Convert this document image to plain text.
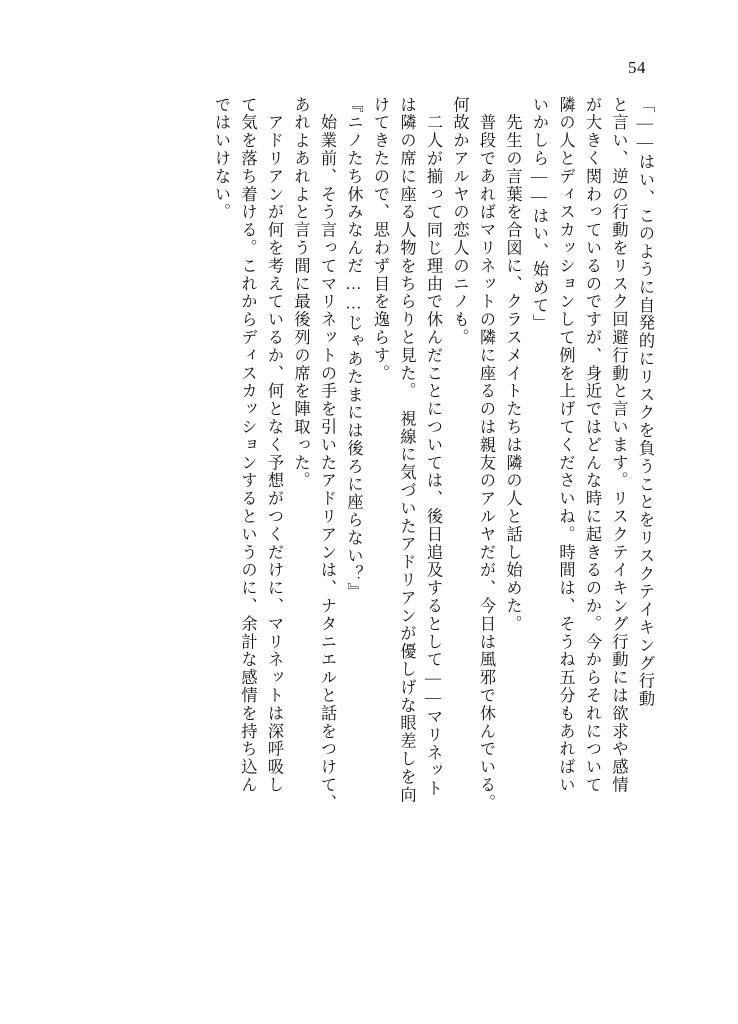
54
「――はい、このように自発的にリスクを負うことをリスクテイキング行動
と言い、逆の行動をリスク回避行動と言います。リスクテイキング行動には欲求や感情
が大きく関わっているのですが、身近ではどんな時に起きるのか。今からそれについて
隣の人とディスカッションして例を上げてくださいね。時間は、そうね五分もあればい
いかしら――はい、始めて」
　先生の言葉を合図に、クラスメイトたちは隣の人と話し始めた。
　普段であればマリネットの隣に座るのは親友のアルヤだが、今日は風邪で休んでいる。
何故かアルヤの恋人のニノも。
　二人が揃って同じ理由で休んだことについては、後日追及するとして――マリネット
は隣の席に座る人物をちらりと見た。　視線に気づいたアドリアンが優しげな眼差しを向
けてきたので、思わず目を逸らす。
『ニノたち休みなんだ……じゃあたまには後ろに座らない？』
　始業前、そう言ってマリネットの手を引いたアドリアンは、ナタニエルと話をつけて、
あれよあれよと言う間に最後列の席を陣取った。
　アドリアンが何を考えているか、何となく予想がつくだけに、マリネットは深呼吸し
て気を落ち着ける。これからディスカッションするというのに、余計な感情を持ち込ん
ではいけない。
